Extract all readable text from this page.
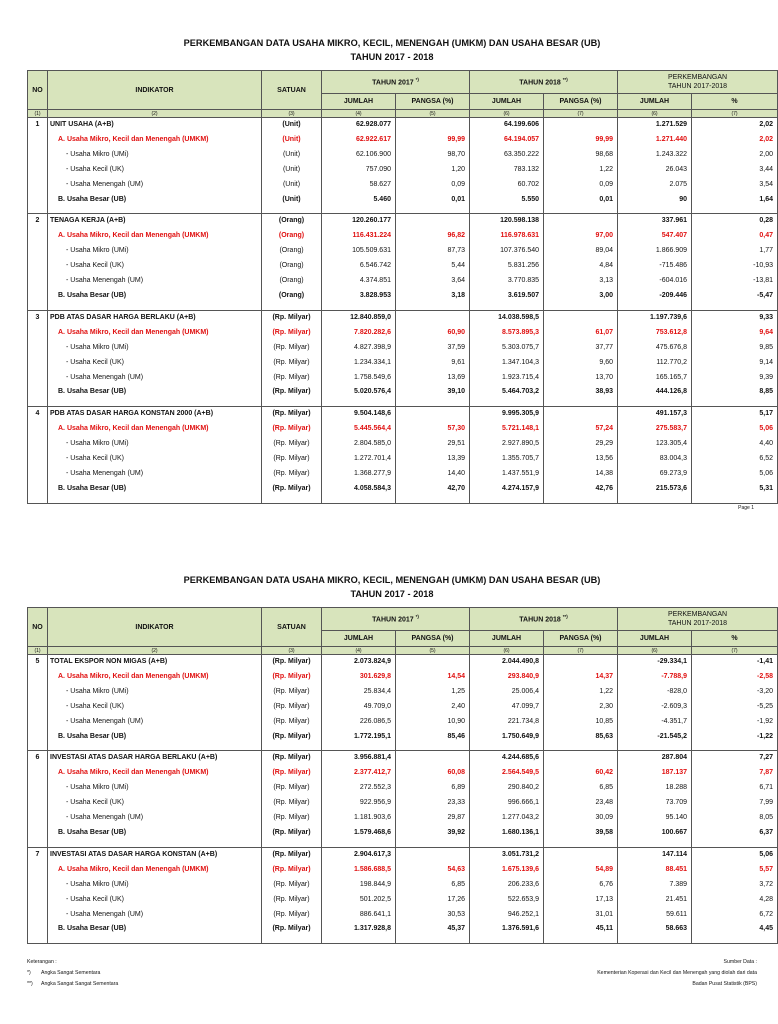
PERKEMBANGAN DATA USAHA MIKRO, KECIL, MENENGAH (UMKM) DAN USAHA BESAR (UB)

TAHUN 2017 - 2018

NO	INDIKATOR	SATUAN	TAHUN 2017 *)		TAHUN 2018 **)		PERKEMBANGAN
TAHUN 2017-2018	
			JUMLAH	PANGSA (%)	JUMLAH	PANGSA (%)	JUMLAH	%
(1)	(2)	(3)	(4)	(5)	(6)	(7)	(6)	(7)
1	UNIT USAHA (A+B)	(Unit)	62.928.077		64.199.606		1.271.529	2,02
	A. Usaha Mikro, Kecil dan Menengah (UMKM)	(Unit)	62.922.617	99,99	64.194.057	99,99	1.271.440	2,02
	- Usaha Mikro (UMi)	(Unit)	62.106.900	98,70	63.350.222	98,68	1.243.322	2,00
	- Usaha Kecil (UK)	(Unit)	757.090	1,20	783.132	1,22	26.043	3,44
	- Usaha Menengah (UM)	(Unit)	58.627	0,09	60.702	0,09	2.075	3,54
	B. Usaha Besar (UB)	(Unit)	5.460	0,01	5.550	0,01	90	1,64

2	TENAGA KERJA (A+B)	(Orang)	120.260.177		120.598.138		337.961	0,28
	A. Usaha Mikro, Kecil dan Menengah (UMKM)	(Orang)	116.431.224	96,82	116.978.631	97,00	547.407	0,47
	- Usaha Mikro (UMi)	(Orang)	105.509.631	87,73	107.376.540	89,04	1.866.909	1,77
	- Usaha Kecil (UK)	(Orang)	6.546.742	5,44	5.831.256	4,84	-715.486	-10,93
	- Usaha Menengah (UM)	(Orang)	4.374.851	3,64	3.770.835	3,13	-604.016	-13,81
	B. Usaha Besar (UB)	(Orang)	3.828.953	3,18	3.619.507	3,00	-209.446	-5,47

3	PDB ATAS DASAR HARGA BERLAKU (A+B)	(Rp. Milyar)	12.840.859,0		14.038.598,5		1.197.739,6	9,33
	A. Usaha Mikro, Kecil dan Menengah (UMKM)	(Rp. Milyar)	7.820.282,6	60,90	8.573.895,3	61,07	753.612,8	9,64
	- Usaha Mikro (UMi)	(Rp. Milyar)	4.827.398,9	37,59	5.303.075,7	37,77	475.676,8	9,85
	- Usaha Kecil (UK)	(Rp. Milyar)	1.234.334,1	9,61	1.347.104,3	9,60	112.770,2	9,14
	- Usaha Menengah (UM)	(Rp. Milyar)	1.758.549,6	13,69	1.923.715,4	13,70	165.165,7	9,39
	B. Usaha Besar (UB)	(Rp. Milyar)	5.020.576,4	39,10	5.464.703,2	38,93	444.126,8	8,85

4	PDB ATAS DASAR HARGA KONSTAN 2000 (A+B)	(Rp. Milyar)	9.504.148,6		9.995.305,9		491.157,3	5,17
	A. Usaha Mikro, Kecil dan Menengah (UMKM)	(Rp. Milyar)	5.445.564,4	57,30	5.721.148,1	57,24	275.583,7	5,06
	- Usaha Mikro (UMi)	(Rp. Milyar)	2.804.585,0	29,51	2.927.890,5	29,29	123.305,4	4,40
	- Usaha Kecil (UK)	(Rp. Milyar)	1.272.701,4	13,39	1.355.705,7	13,56	83.004,3	6,52
	- Usaha Menengah (UM)	(Rp. Milyar)	1.368.277,9	14,40	1.437.551,9	14,38	69.273,9	5,06
	B. Usaha Besar (UB)	(Rp. Milyar)	4.058.584,3	42,70	4.274.157,9	42,76	215.573,6	5,31

Page 1

PERKEMBANGAN DATA USAHA MIKRO, KECIL, MENENGAH (UMKM) DAN USAHA BESAR (UB)

TAHUN 2017 - 2018

NO	INDIKATOR	SATUAN	TAHUN 2017 *)		TAHUN 2018 **)		PERKEMBANGAN
TAHUN 2017-2018	
			JUMLAH	PANGSA (%)	JUMLAH	PANGSA (%)	JUMLAH	%
(1)	(2)	(3)	(4)	(5)	(6)	(7)	(6)	(7)
5	TOTAL EKSPOR NON MIGAS (A+B)	(Rp. Milyar)	2.073.824,9		2.044.490,8		-29.334,1	-1,41
	A. Usaha Mikro, Kecil dan Menengah (UMKM)	(Rp. Milyar)	301.629,8	14,54	293.840,9	14,37	-7.788,9	-2,58
	- Usaha Mikro (UMi)	(Rp. Milyar)	25.834,4	1,25	25.006,4	1,22	-828,0	-3,20
	- Usaha Kecil (UK)	(Rp. Milyar)	49.709,0	2,40	47.099,7	2,30	-2.609,3	-5,25
	- Usaha Menengah (UM)	(Rp. Milyar)	226.086,5	10,90	221.734,8	10,85	-4.351,7	-1,92
	B. Usaha Besar (UB)	(Rp. Milyar)	1.772.195,1	85,46	1.750.649,9	85,63	-21.545,2	-1,22

6	INVESTASI ATAS DASAR HARGA BERLAKU (A+B)	(Rp. Milyar)	3.956.881,4		4.244.685,6		287.804	7,27
	A. Usaha Mikro, Kecil dan Menengah (UMKM)	(Rp. Milyar)	2.377.412,7	60,08	2.564.549,5	60,42	187.137	7,87
	- Usaha Mikro (UMi)	(Rp. Milyar)	272.552,3	6,89	290.840,2	6,85	18.288	6,71
	- Usaha Kecil (UK)	(Rp. Milyar)	922.956,9	23,33	996.666,1	23,48	73.709	7,99
	- Usaha Menengah (UM)	(Rp. Milyar)	1.181.903,6	29,87	1.277.043,2	30,09	95.140	8,05
	B. Usaha Besar (UB)	(Rp. Milyar)	1.579.468,6	39,92	1.680.136,1	39,58	100.667	6,37

7	INVESTASI ATAS DASAR HARGA KONSTAN (A+B)	(Rp. Milyar)	2.904.617,3		3.051.731,2		147.114	5,06
	A. Usaha Mikro, Kecil dan Menengah (UMKM)	(Rp. Milyar)	1.586.688,5	54,63	1.675.139,6	54,89	88.451	5,57
	- Usaha Mikro (UMi)	(Rp. Milyar)	198.844,9	6,85	206.233,6	6,76	7.389	3,72
	- Usaha Kecil (UK)	(Rp. Milyar)	501.202,5	17,26	522.653,9	17,13	21.451	4,28
	- Usaha Menengah (UM)	(Rp. Milyar)	886.641,1	30,53	946.252,1	31,01	59.611	6,72
	B. Usaha Besar (UB)	(Rp. Milyar)	1.317.928,8	45,37	1.376.591,6	45,11	58.663	4,45

Keterangan :
*) Angka Sangat Sementara
**) Angka Sangat Sangat Sementara
Sumber Data :
Kementerian Koperasi dan Kecil dan Menengah yang diolah dari data
Badan Pusat Statistik (BPS)
